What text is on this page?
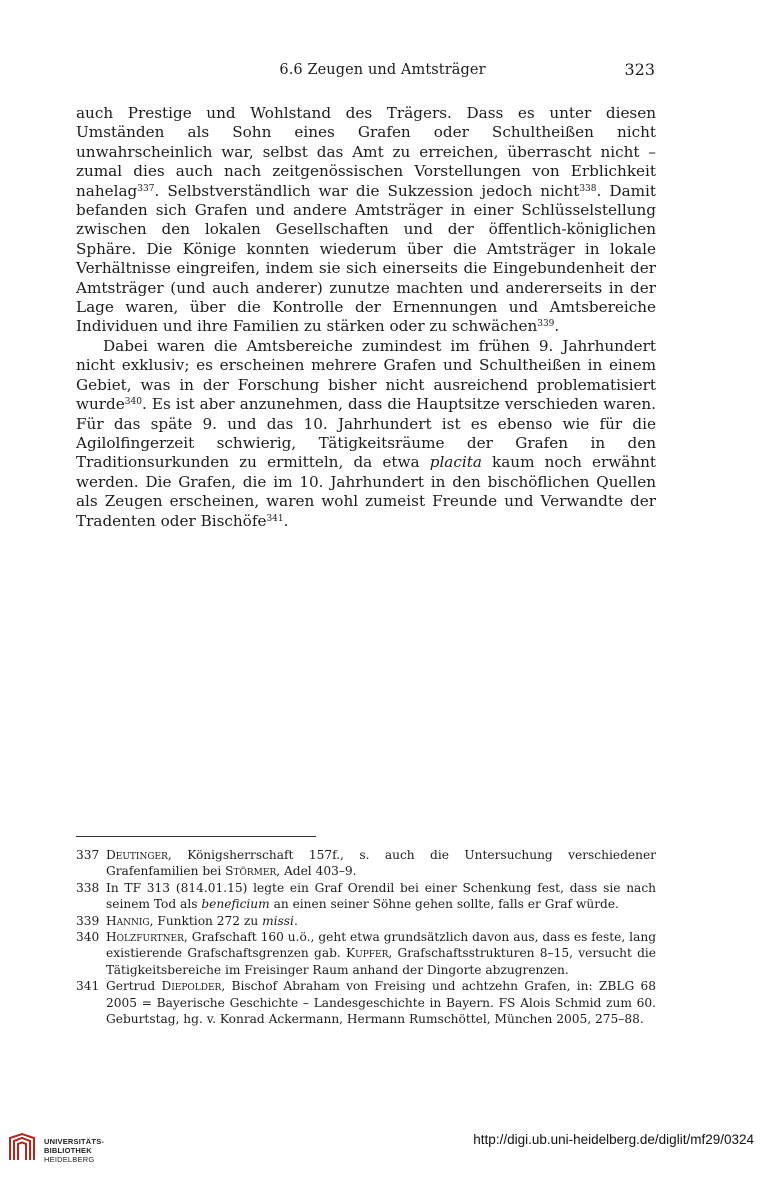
6.6 Zeugen und Amtsträger	323

auch Prestige und Wohlstand des Trägers. Dass es unter diesen Umständen als Sohn eines Grafen oder Schultheißen nicht unwahrscheinlich war, selbst das Amt zu erreichen, überrascht nicht – zumal dies auch nach zeitgenössischen Vorstellungen von Erblichkeit nahelag$^{337}$. Selbstverständlich war die Sukzession jedoch nicht$^{338}$. Damit befanden sich Grafen und andere Amtsträger in einer Schlüsselstellung zwischen den lokalen Gesellschaften und der öffentlich-königlichen Sphäre. Die Könige konnten wiederum über die Amtsträger in lokale Verhältnisse eingreifen, indem sie sich einerseits die Eingebundenheit der Amtsträger (und auch anderer) zunutze machten und andererseits in der Lage waren, über die Kontrolle der Ernennungen und Amtsbereiche Individuen und ihre Familien zu stärken oder zu schwächen$^{339}$.

Dabei waren die Amtsbereiche zumindest im frühen 9. Jahrhundert nicht exklusiv; es erscheinen mehrere Grafen und Schultheißen in einem Gebiet, was in der Forschung bisher nicht ausreichend problematisiert wurde$^{340}$. Es ist aber anzunehmen, dass die Hauptsitze verschieden waren. Für das späte 9. und das 10. Jahrhundert ist es ebenso wie für die Agilolfingerzeit schwierig, Tätigkeitsräume der Grafen in den Traditionsurkunden zu ermitteln, da etwa placita kaum noch erwähnt werden. Die Grafen, die im 10. Jahrhundert in den bischöflichen Quellen als Zeugen erscheinen, waren wohl zumeist Freunde und Verwandte der Tradenten oder Bischöfe$^{341}$.

337 Deutinger, Königsherrschaft 157f., s. auch die Untersuchung verschiedener Grafenfamilien bei Störmer, Adel 403–9.

338 In TF 313 (814.01.15) legte ein Graf Orendil bei einer Schenkung fest, dass sie nach seinem Tod als beneficium an einen seiner Söhne gehen sollte, falls er Graf würde.

339 Hannig, Funktion 272 zu missi.

340 Holzfurtner, Grafschaft 160 u.ö., geht etwa grundsätzlich davon aus, dass es feste, lang existierende Grafschaftsgrenzen gab. Kupfer, Grafschaftsstrukturen 8–15, versucht die Tätigkeitsbereiche im Freisinger Raum anhand der Dingorte abzugrenzen.

341 Gertrud Diepolder, Bischof Abraham von Freising und achtzehn Grafen, in: ZBLG 68 2005 = Bayerische Geschichte – Landesgeschichte in Bayern. FS Alois Schmid zum 60. Geburtstag, hg. v. Konrad Ackermann, Hermann Rumschöttel, München 2005, 275–88.

UNIVERSITÄTS-
BIBLIOTHEK
HEIDELBERG
http://digi.ub.uni-heidelberg.de/diglit/mf29/0324
